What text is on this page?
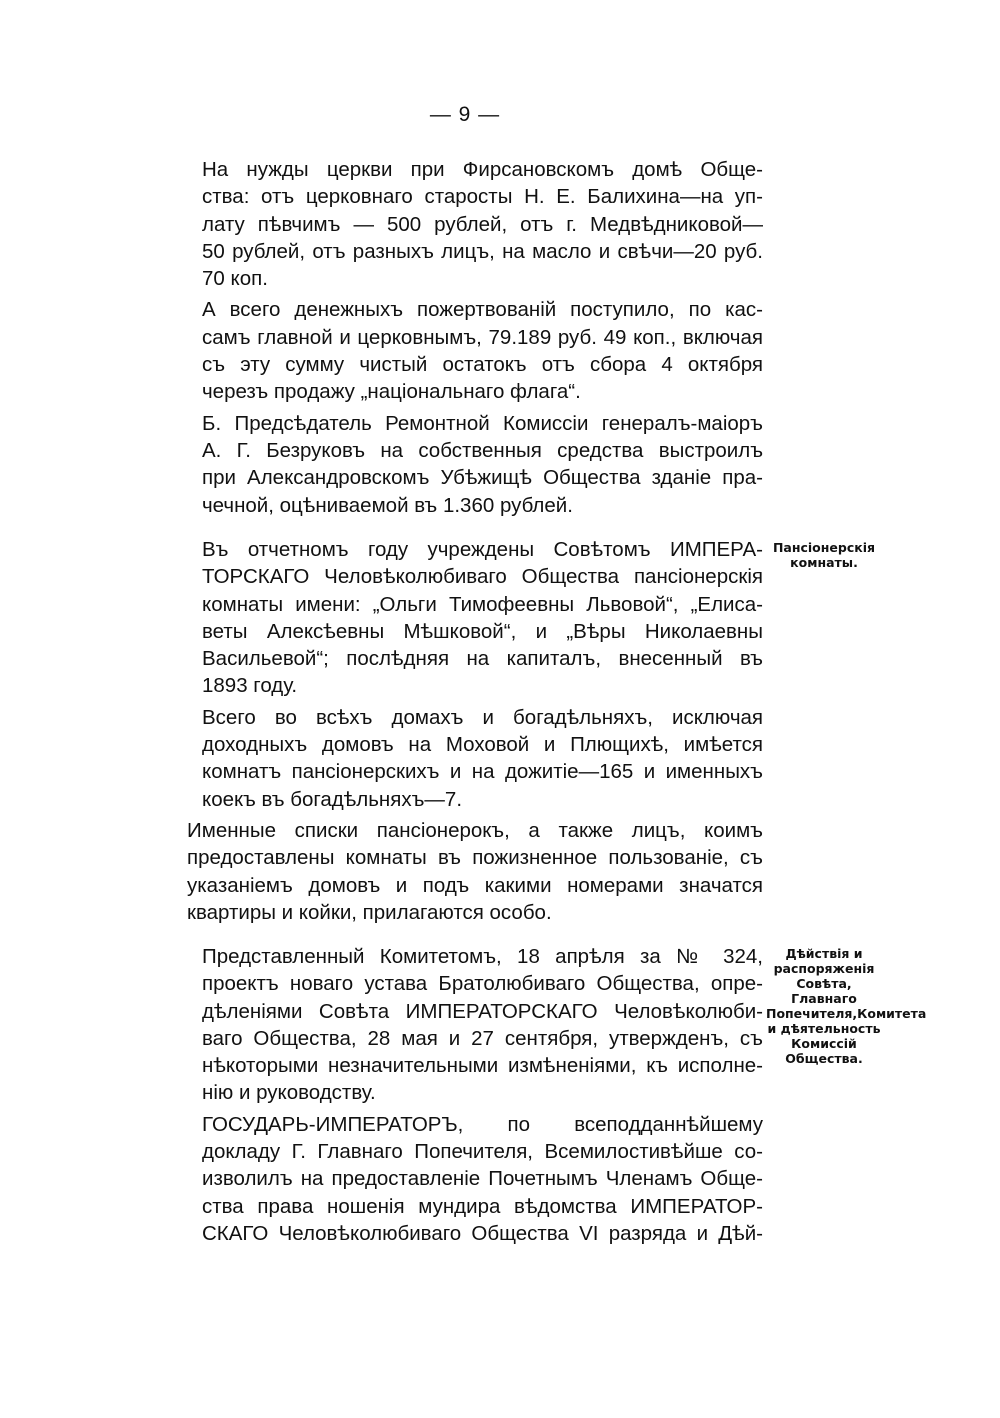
— 9 —
На нужды церкви при Фирсановскомъ домѣ Обще-
ства: отъ церковнаго старосты Н. Е. Балихина—на уп-
лату пѣвчимъ — 500 рублей, отъ г. Медвѣдниковой—
50 рублей, отъ разныхъ лицъ, на масло и свѣчи—20 руб.
70 коп.
А всего денежныхъ пожертвованій поступило, по кас-
самъ главной и церковнымъ, 79.189 руб. 49 коп., включая
съ эту сумму чистый остатокъ отъ сбора 4 октября
черезъ продажу „національнаго флага“.
Б. Предсѣдатель Ремонтной Комиссіи генералъ-маіоръ
А. Г. Безруковъ на собственныя средства выстроилъ
при Александровскомъ Убѣжищѣ Общества зданіе пра-
чечной, оцѣниваемой въ 1.360 рублей.
Пансіонерскія комнаты.
Въ отчетномъ году учреждены Совѣтомъ ИМПЕРА-
ТОРСКАГО Человѣколюбиваго Общества пансіонерскія
комнаты имени: „Ольги Тимофеевны Львовой“, „Елиса-
веты Алексѣевны Мѣшковой“, и „Вѣры Николаевны
Васильевой“; послѣдняя на капиталъ, внесенный въ
1893 году.
Всего во всѣхъ домахъ и богадѣльняхъ, исключая
доходныхъ домовъ на Моховой и Плющихѣ, имѣется
комнатъ пансіонерскихъ и на дожитіе—165 и именныхъ
коекъ въ богадѣльняхъ—7.
Именные списки пансіонерокъ, а также лицъ, коимъ
предоставлены комнаты въ пожизненное пользованіе, съ
указаніемъ домовъ и подъ какими номерами значатся
квартиры и койки, прилагаются особо.
Дѣйствія и распоряженія Совѣта, Главнаго Попечителя,Комитета и дѣятельность Комиссій Общества.
Представленный Комитетомъ, 18 апрѣля за № 324,
проектъ новаго устава Братолюбиваго Общества, опре-
дѣленіями Совѣта ИМПЕРАТОРСКАГО Человѣколюби-
ваго Общества, 28 мая и 27 сентября, утвержденъ, съ
нѣкоторыми незначительными измѣненіями, къ исполне-
нію и руководству.
ГОСУДАРЬ-ИМПЕРАТОРЪ, по всеподданнѣйшему
докладу Г. Главнаго Попечителя, Всемилостивѣйше со-
изволилъ на предоставленіе Почетнымъ Членамъ Обще-
ства права ношенія мундира вѣдомства ИМПЕРАТОР-
СКАГО Человѣколюбиваго Общества VI разряда и Дѣй-
